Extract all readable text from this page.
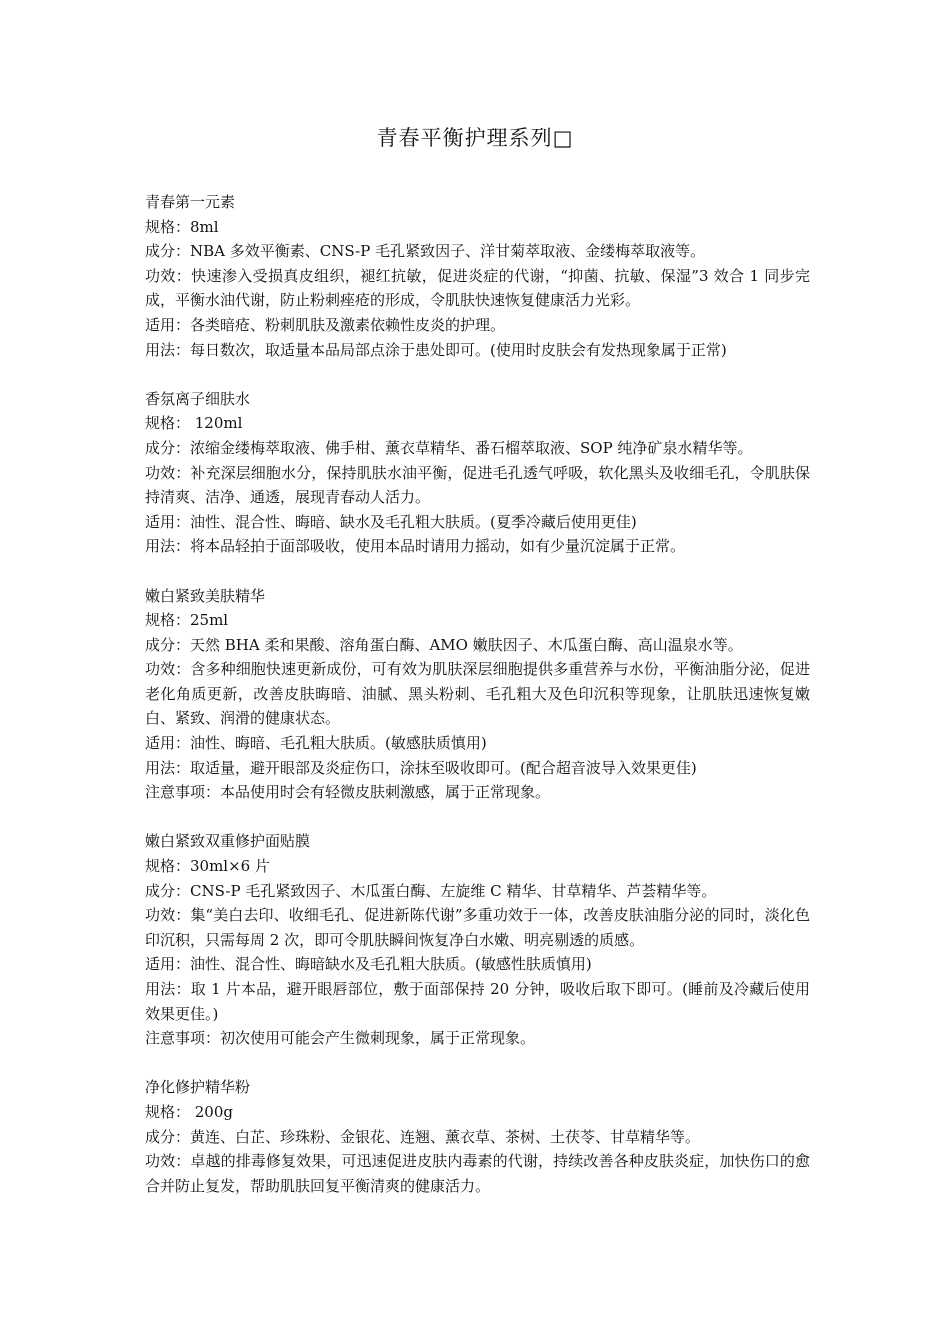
青春平衡护理系列□
青春第一元素
规格：8ml
成分：NBA 多效平衡素、CNS-P 毛孔紧致因子、洋甘菊萃取液、金缕梅萃取液等。
功效：快速渗入受损真皮组织，褪红抗敏，促进炎症的代谢，“抑菌、抗敏、保湿”3 效合 1 同步完成，平衡水油代谢，防止粉刺痤疮的形成，令肌肤快速恢复健康活力光彩。
适用：各类暗疮、粉刺肌肤及激素依赖性皮炎的护理。
用法：每日数次，取适量本品局部点涂于患处即可。(使用时皮肤会有发热现象属于正常)
香氛离子细肤水
规格： 120ml
成分：浓缩金缕梅萃取液、佛手柑、薰衣草精华、番石榴萃取液、SOP 纯净矿泉水精华等。
功效：补充深层细胞水分，保持肌肤水油平衡，促进毛孔透气呼吸，软化黑头及收细毛孔，令肌肤保持清爽、洁净、通透，展现青春动人活力。
适用：油性、混合性、晦暗、缺水及毛孔粗大肤质。(夏季冷藏后使用更佳)
用法：将本品轻拍于面部吸收，使用本品时请用力摇动，如有少量沉淀属于正常。
嫩白紧致美肤精华
规格：25ml
成分：天然 BHA 柔和果酸、溶角蛋白酶、AMO 嫩肤因子、木瓜蛋白酶、高山温泉水等。
功效：含多种细胞快速更新成份，可有效为肌肤深层细胞提供多重营养与水份，平衡油脂分泌，促进老化角质更新，改善皮肤晦暗、油腻、黑头粉刺、毛孔粗大及色印沉积等现象，让肌肤迅速恢复嫩白、紧致、润滑的健康状态。
适用：油性、晦暗、毛孔粗大肤质。(敏感肤质慎用)
用法：取适量，避开眼部及炎症伤口，涂抹至吸收即可。(配合超音波导入效果更佳)
注意事项：本品使用时会有轻微皮肤刺激感，属于正常现象。
嫩白紧致双重修护面贴膜
规格：30ml×6 片
成分：CNS-P 毛孔紧致因子、木瓜蛋白酶、左旋维 C 精华、甘草精华、芦荟精华等。
功效：集“美白去印、收细毛孔、促进新陈代谢”多重功效于一体，改善皮肤油脂分泌的同时，淡化色印沉积，只需每周 2 次，即可令肌肤瞬间恢复净白水嫩、明亮剔透的质感。
适用：油性、混合性、晦暗缺水及毛孔粗大肤质。(敏感性肤质慎用)
用法：取 1 片本品，避开眼唇部位，敷于面部保持 20 分钟，吸收后取下即可。(睡前及冷藏后使用效果更佳。)
注意事项：初次使用可能会产生微刺现象，属于正常现象。
净化修护精华粉
规格： 200g
成分：黄连、白芷、珍珠粉、金银花、连翘、薰衣草、茶树、土茯苓、甘草精华等。
功效：卓越的排毒修复效果，可迅速促进皮肤内毒素的代谢，持续改善各种皮肤炎症，加快伤口的愈合并防止复发，帮助肌肤回复平衡清爽的健康活力。
